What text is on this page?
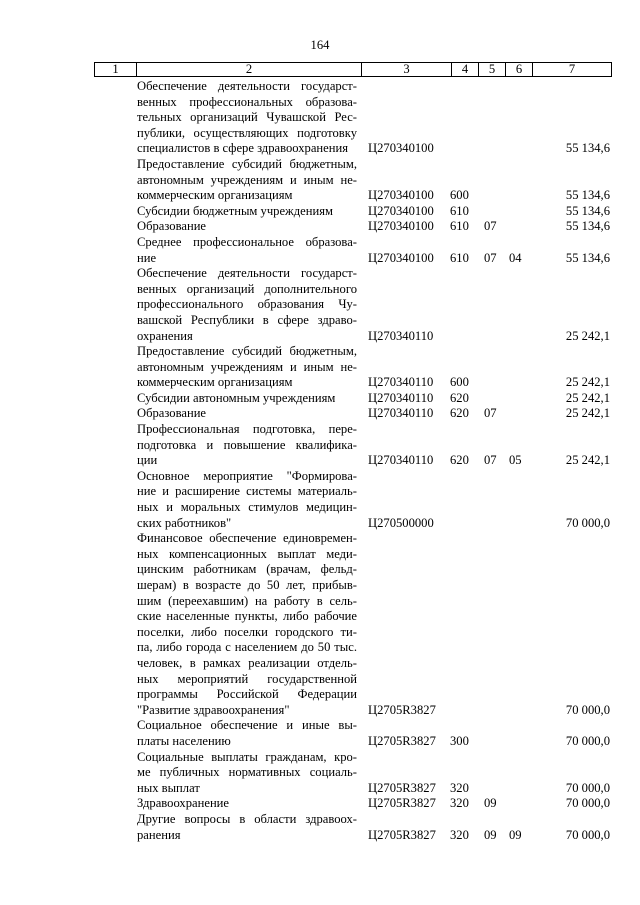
164
1	2	3	4	5	6	7
Обеспечение деятельности государст-
венных профессиональных образова-
тельных организаций Чувашской Рес-
публики, осуществляющих подготовку
специалистов в сфере здравоохранения	Ц270340100	55 134,6
Предоставление субсидий бюджетным,
автономным учреждениям и иным не-
коммерческим организациям	Ц270340100 600	55 134,6
Субсидии бюджетным учреждениям	Ц270340100 610	55 134,6
Образование	Ц270340100 610 07	55 134,6
Среднее профессиональное образова-
ние	Ц270340100 610 07 04	55 134,6
Обеспечение деятельности государст-
венных организаций дополнительного
профессионального образования Чу-
вашской Республики в сфере здраво-
охранения	Ц270340110	25 242,1
Предоставление субсидий бюджетным,
автономным учреждениям и иным не-
коммерческим организациям	Ц270340110 600	25 242,1
Субсидии автономным учреждениям	Ц270340110 620	25 242,1
Образование	Ц270340110 620 07	25 242,1
Профессиональная подготовка, пере-
подготовка и повышение квалифика-
ции	Ц270340110 620 07 05	25 242,1
Основное мероприятие "Формирова-
ние и расширение системы материаль-
ных и моральных стимулов медицин-
ских работников"	Ц270500000	70 000,0
Финансовое обеспечение единовремен-
ных компенсационных выплат меди-
цинским работникам (врачам, фельд-
шерам) в возрасте до 50 лет, прибыв-
шим (переехавшим) на работу в сель-
ские населенные пункты, либо рабочие
поселки, либо поселки городского ти-
па, либо города с населением до 50 тыс.
человек, в рамках реализации отдель-
ных мероприятий государственной
программы Российской Федерации
"Развитие здравоохранения"	Ц2705R3827	70 000,0
Социальное обеспечение и иные вы-
платы населению	Ц2705R3827 300	70 000,0
Социальные выплаты гражданам, кро-
ме публичных нормативных социаль-
ных выплат	Ц2705R3827 320	70 000,0
Здравоохранение	Ц2705R3827 320 09	70 000,0
Другие вопросы в области здравоох-
ранения	Ц2705R3827 320 09 09	70 000,0
